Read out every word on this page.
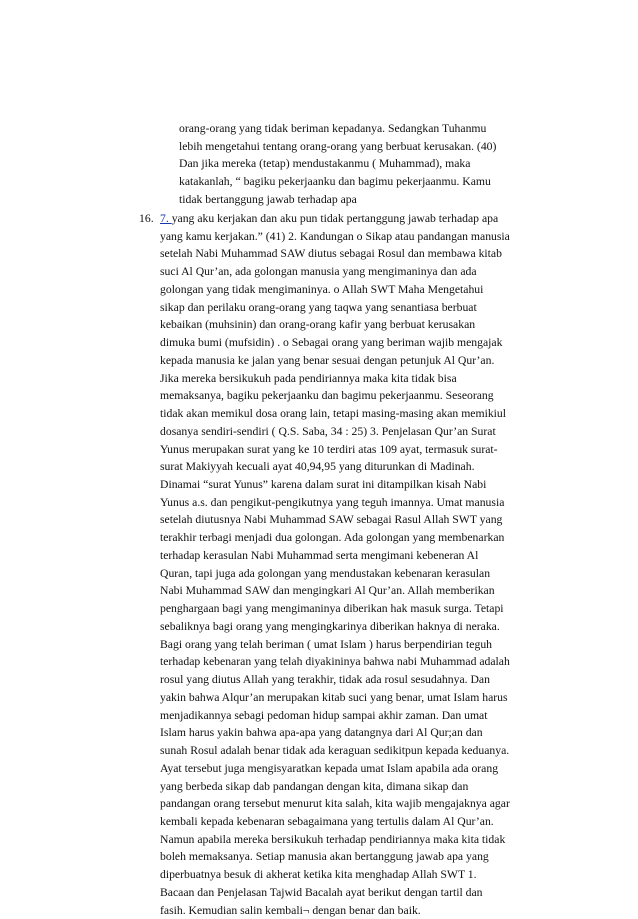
orang-orang yang tidak beriman kepadanya. Sedangkan Tuhanmu
lebih mengetahui tentang orang-orang yang berbuat kerusakan. (40)
Dan jika mereka (tetap) mendustakanmu ( Muhammad), maka
katakanlah, “ bagiku pekerjaanku dan bagimu pekerjaanmu. Kamu
tidak bertanggung jawab terhadap apa
16. 7. yang aku kerjakan dan aku pun tidak pertanggung jawab terhadap apa
yang kamu kerjakan.” (41) 2. Kandungan o Sikap atau pandangan manusia
setelah Nabi Muhammad SAW diutus sebagai Rosul dan membawa kitab
suci Al Qur’an, ada golongan manusia yang mengimaninya dan ada
golongan yang tidak mengimaninya. o Allah SWT Maha Mengetahui
sikap dan perilaku orang-orang yang taqwa yang senantiasa berbuat
kebaikan (muhsinin) dan orang-orang kafir yang berbuat kerusakan
dimuka bumi (mufsidin) . o Sebagai orang yang beriman wajib mengajak
kepada manusia ke jalan yang benar sesuai dengan petunjuk Al Qur’an.
Jika mereka bersikukuh pada pendiriannya maka kita tidak bisa
memaksanya, bagiku pekerjaanku dan bagimu pekerjaanmu. Seseorang
tidak akan memikul dosa orang lain, tetapi masing-masing akan memikiul
dosanya sendiri-sendiri ( Q.S. Saba, 34 : 25) 3. Penjelasan Qur’an Surat
Yunus merupakan surat yang ke 10 terdiri atas 109 ayat, termasuk surat-
surat Makiyyah kecuali ayat 40,94,95 yang diturunkan di Madinah.
Dinamai “surat Yunus” karena dalam surat ini ditampilkan kisah Nabi
Yunus a.s. dan pengikut-pengikutnya yang teguh imannya. Umat manusia
setelah diutusnya Nabi Muhammad SAW sebagai Rasul Allah SWT yang
terakhir terbagi menjadi dua golongan. Ada golongan yang membenarkan
terhadap kerasulan Nabi Muhammad serta mengimani kebeneran Al
Quran, tapi juga ada golongan yang mendustakan kebenaran kerasulan
Nabi Muhammad SAW dan mengingkari Al Qur’an. Allah memberikan
penghargaan bagi yang mengimaninya diberikan hak masuk surga. Tetapi
sebaliknya bagi orang yang mengingkarinya diberikan haknya di neraka.
Bagi orang yang telah beriman ( umat Islam ) harus berpendirian teguh
terhadap kebenaran yang telah diyakininya bahwa nabi Muhammad adalah
rosul yang diutus Allah yang terakhir, tidak ada rosul sesudahnya. Dan
yakin bahwa Alqur’an merupakan kitab suci yang benar, umat Islam harus
menjadikannya sebagi pedoman hidup sampai akhir zaman. Dan umat
Islam harus yakin bahwa apa-apa yang datangnya dari Al Qur;an dan
sunah Rosul adalah benar tidak ada keraguan sedikitpun kepada keduanya.
Ayat tersebut juga mengisyaratkan kepada umat Islam apabila ada orang
yang berbeda sikap dab pandangan dengan kita, dimana sikap dan
pandangan orang tersebut menurut kita salah, kita wajib mengajaknya agar
kembali kepada kebenaran sebagaimana yang tertulis dalam Al Qur’an.
Namun apabila mereka bersikukuh terhadap pendiriannya maka kita tidak
boleh memaksanya. Setiap manusia akan bertanggung jawab apa yang
diperbuatnya besuk di akherat ketika kita menghadap Allah SWT 1.
Bacaan dan Penjelasan Tajwid Bacalah ayat berikut dengan tartil dan
fasih. Kemudian salin kembali¬ dengan benar dan baik.
